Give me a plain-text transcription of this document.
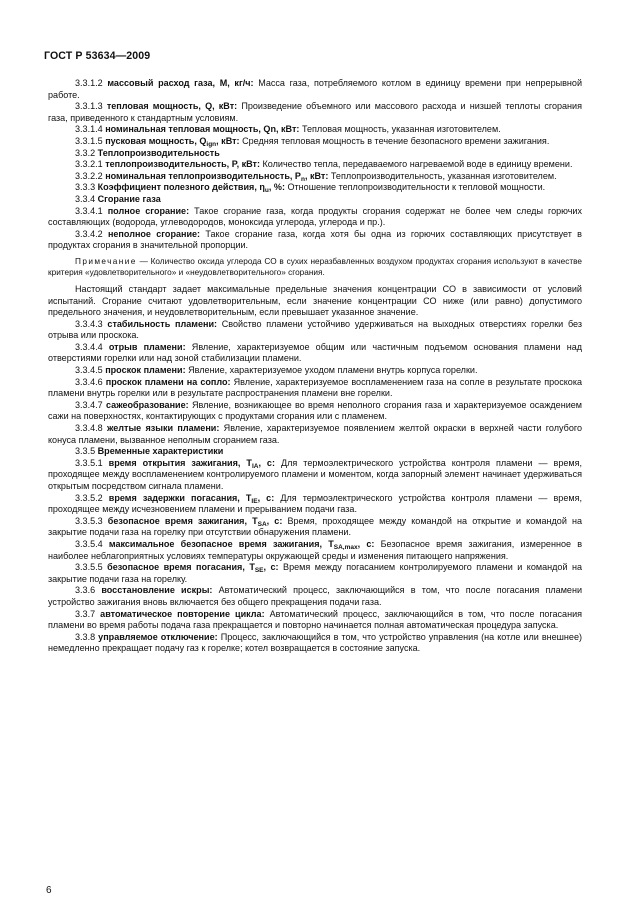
ГОСТ Р 53634—2009

3.3.1.2 массовый расход газа, M, кг/ч: Масса газа, потребляемого котлом в единицу времени при непрерывной работе.

3.3.1.3 тепловая мощность, Q, кВт: Произведение объемного или массового расхода и низшей теплоты сгорания газа, приведенного к стандартным условиям.

3.3.1.4 номинальная тепловая мощность, Qn, кВт: Тепловая мощность, указанная изготовителем.

3.3.1.5 пусковая мощность, $Q_{ign}$, кВт: Средняя тепловая мощность в течение безопасного времени зажигания.

3.3.2 Теплопроизводительность

3.3.2.1 теплопроизводительность, P, кВт: Количество тепла, передаваемого нагреваемой воде в единицу времени.

3.3.2.2 номинальная теплопроизводительность, $P_n$, кВт: Теплопроизводительность, указанная изготовителем.

3.3.3 Коэффициент полезного действия, $\eta_u$, %: Отношение теплопроизводительности к тепловой мощности.

3.3.4 Сгорание газа

3.3.4.1 полное сгорание: Такое сгорание газа, когда продукты сгорания содержат не более чем следы горючих составляющих (водорода, углеводородов, моноксида углерода, углерода и пр.).

3.3.4.2 неполное сгорание: Такое сгорание газа, когда хотя бы одна из горючих составляющих присутствует в продуктах сгорания в значительной пропорции.

Примечание — Количество оксида углерода СО в сухих неразбавленных воздухом продуктах сгорания используют в качестве критерия «удовлетворительного» и «неудовлетворительного» сгорания.

Настоящий стандарт задает максимальные предельные значения концентрации СО в зависимости от условий испытаний. Сгорание считают удовлетворительным, если значение концентрации СО ниже (или равно) допустимого предельного значения, и неудовлетворительным, если превышает указанное значение.

3.3.4.3 стабильность пламени: Свойство пламени устойчиво удерживаться на выходных отверстиях горелки без отрыва или проскока.

3.3.4.4 отрыв пламени: Явление, характеризуемое общим или частичным подъемом основания пламени над отверстиями горелки или над зоной стабилизации пламени.

3.3.4.5 проскок пламени: Явление, характеризуемое уходом пламени внутрь корпуса горелки.

3.3.4.6 проскок пламени на сопло: Явление, характеризуемое воспламенением газа на сопле в результате проскока пламени внутрь горелки или в результате распространения пламени вне горелки.

3.3.4.7 сажеобразование: Явление, возникающее во время неполного сгорания газа и характеризуемое осаждением сажи на поверхностях, контактирующих с продуктами сгорания или с пламенем.

3.3.4.8 желтые языки пламени: Явление, характеризуемое появлением желтой окраски в верхней части голубого конуса пламени, вызванное неполным сгоранием газа.

3.3.5 Временные характеристики

3.3.5.1 время открытия зажигания, $T_{IA}$, с: Для термоэлектрического устройства контроля пламени — время, проходящее между воспламенением контролируемого пламени и моментом, когда запорный элемент начинает удерживаться открытым посредством сигнала пламени.

3.3.5.2 время задержки погасания, $T_{IE}$, с: Для термоэлектрического устройства контроля пламени — время, проходящее между исчезновением пламени и прерыванием подачи газа.

3.3.5.3 безопасное время зажигания, $T_{SA}$, с: Время, проходящее между командой на открытие и командой на закрытие подачи газа на горелку при отсутствии обнаружения пламени.

3.3.5.4 максимальное безопасное время зажигания, $T_{SA,max}$, с: Безопасное время зажигания, измеренное в наиболее неблагоприятных условиях температуры окружающей среды и изменения питающего напряжения.

3.3.5.5 безопасное время погасания, $T_{SE}$, с: Время между погасанием контролируемого пламени и командой на закрытие подачи газа на горелку.

3.3.6 восстановление искры: Автоматический процесс, заключающийся в том, что после погасания пламени устройство зажигания вновь включается без общего прекращения подачи газа.

3.3.7 автоматическое повторение цикла: Автоматический процесс, заключающийся в том, что после погасания пламени во время работы подача газа прекращается и повторно начинается полная автоматическая процедура запуска.

3.3.8 управляемое отключение: Процесс, заключающийся в том, что устройство управления (на котле или внешнее) немедленно прекращает подачу газ к горелке; котел возвращается в состояние запуска.

6
